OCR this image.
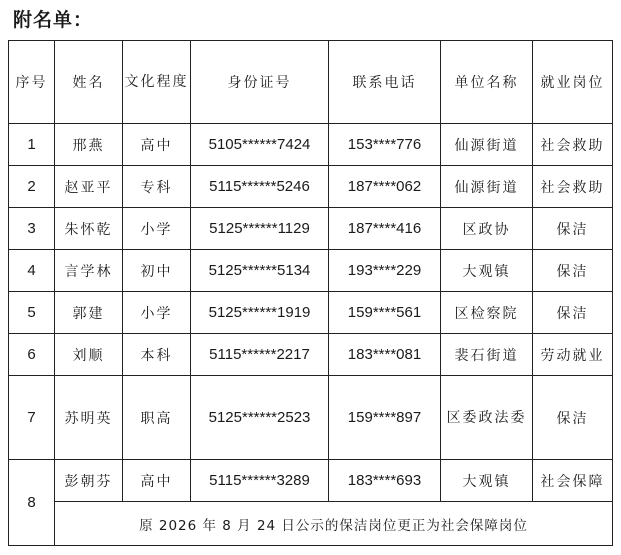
附名单：
序号	姓名	文化程度	身份证号	联系电话	单位名称	就业岗位
1	邢燕	高中	5105******7424	153****776	仙源街道	社会救助
2	赵亚平	专科	5115******5246	187****062	仙源街道	社会救助
3	朱怀乾	小学	5125******1129	187****416	区政协	保洁
4	言学林	初中	5125******5134	193****229	大观镇	保洁
5	郭建	小学	5125******1919	159****561	区检察院	保洁
6	刘顺	本科	5115******2217	183****081	裴石街道	劳动就业
7	苏明英	职高	5125******2523	159****897	区委政法委	保洁
8	彭朝芬	高中	5115******3289	183****693	大观镇	社会保障
	原 2026 年 8 月 24 日公示的保洁岗位更正为社会保障岗位					
